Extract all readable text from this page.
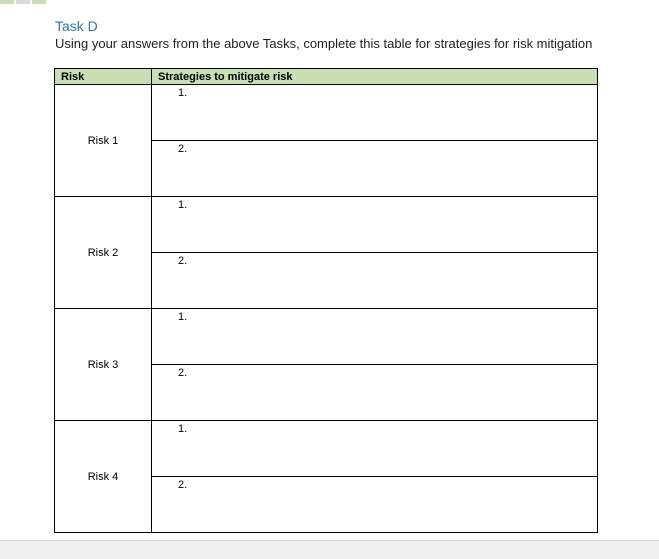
Task D
Using your answers from the above Tasks, complete this table for strategies for risk mitigation
Risk	Strategies to mitigate risk
Risk 1	1.

	2.

Risk 2	1.

	2.

Risk 3	1.

	2.

Risk 4	1.

	2.
